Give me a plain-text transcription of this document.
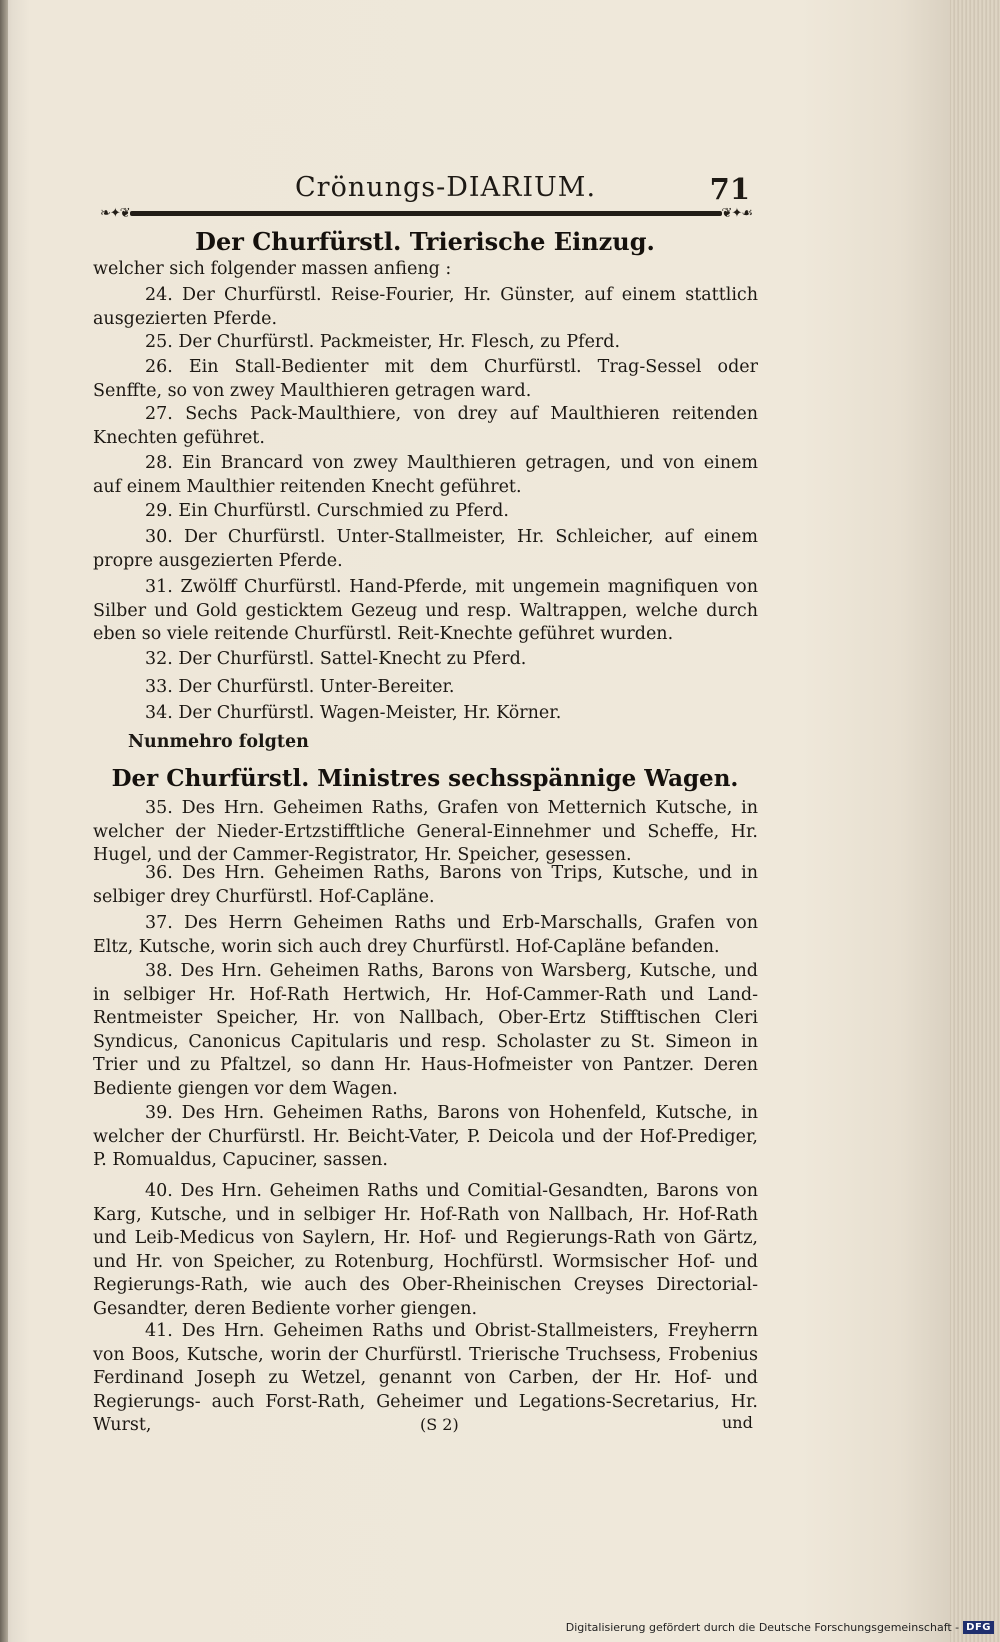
Crönungs-DIARIUM.	71
❧✦❦	❦✦☙
Der Churfürstl. Trierische Einzug.
welcher sich folgender massen anfieng :
24. Der Churfürstl. Reise-Fourier, Hr. Günster, auf einem stattlich ausgezierten Pferde.
25. Der Churfürstl. Packmeister, Hr. Flesch, zu Pferd.
26. Ein Stall-Bedienter mit dem Churfürstl. Trag-Sessel oder Senffte, so von zwey Maulthieren getragen ward.
27. Sechs Pack-Maulthiere, von drey auf Maulthieren reitenden Knechten geführet.
28. Ein Brancard von zwey Maulthieren getragen, und von einem auf einem Maulthier reitenden Knecht geführet.
29. Ein Churfürstl. Curschmied zu Pferd.
30. Der Churfürstl. Unter-Stallmeister, Hr. Schleicher, auf einem propre ausgezierten Pferde.
31. Zwölff Churfürstl. Hand-Pferde, mit ungemein magnifiquen von Silber und Gold gesticktem Gezeug und resp. Waltrappen, welche durch eben so viele reitende Churfürstl. Reit-Knechte geführet wurden.
32. Der Churfürstl. Sattel-Knecht zu Pferd.
33. Der Churfürstl. Unter-Bereiter.
34. Der Churfürstl. Wagen-Meister, Hr. Körner.
Nunmehro folgten
Der Churfürstl. Ministres sechsspännige Wagen.
35. Des Hrn. Geheimen Raths, Grafen von Metternich Kutsche, in welcher der Nieder-Ertzstifftliche General-Einnehmer und Scheffe, Hr. Hugel, und der Cammer-Registrator, Hr. Speicher, gesessen.
36. Des Hrn. Geheimen Raths, Barons von Trips, Kutsche, und in selbiger drey Churfürstl. Hof-Capläne.
37. Des Herrn Geheimen Raths und Erb-Marschalls, Grafen von Eltz, Kutsche, worin sich auch drey Churfürstl. Hof-Capläne befanden.
38. Des Hrn. Geheimen Raths, Barons von Warsberg, Kutsche, und in selbiger Hr. Hof-Rath Hertwich, Hr. Hof-Cammer-Rath und Land-Rentmeister Speicher, Hr. von Nallbach, Ober-Ertz Stifftischen Cleri Syndicus, Canonicus Capitularis und resp. Scholaster zu St. Simeon in Trier und zu Pfaltzel, so dann Hr. Haus-Hofmeister von Pantzer. Deren Bediente giengen vor dem Wagen.
39. Des Hrn. Geheimen Raths, Barons von Hohenfeld, Kutsche, in welcher der Churfürstl. Hr. Beicht-Vater, P. Deicola und der Hof-Prediger, P. Romualdus, Capuciner, sassen.
40. Des Hrn. Geheimen Raths und Comitial-Gesandten, Barons von Karg, Kutsche, und in selbiger Hr. Hof-Rath von Nallbach, Hr. Hof-Rath und Leib-Medicus von Saylern, Hr. Hof- und Regierungs-Rath von Gärtz, und Hr. von Speicher, zu Rotenburg, Hochfürstl. Wormsischer Hof- und Regierungs-Rath, wie auch des Ober-Rheinischen Creyses Directorial-Gesandter, deren Bediente vorher giengen.
41. Des Hrn. Geheimen Raths und Obrist-Stallmeisters, Freyherrn von Boos, Kutsche, worin der Churfürstl. Trierische Truchsess, Frobenius Ferdinand Joseph zu Wetzel, genannt von Carben, der Hr. Hof- und Regierungs- auch Forst-Rath, Geheimer und Legations-Secretarius, Hr. Wurst,	(S 2)	und
Digitalisierung gefördert durch die Deutsche Forschungsgemeinschaft - DFG
